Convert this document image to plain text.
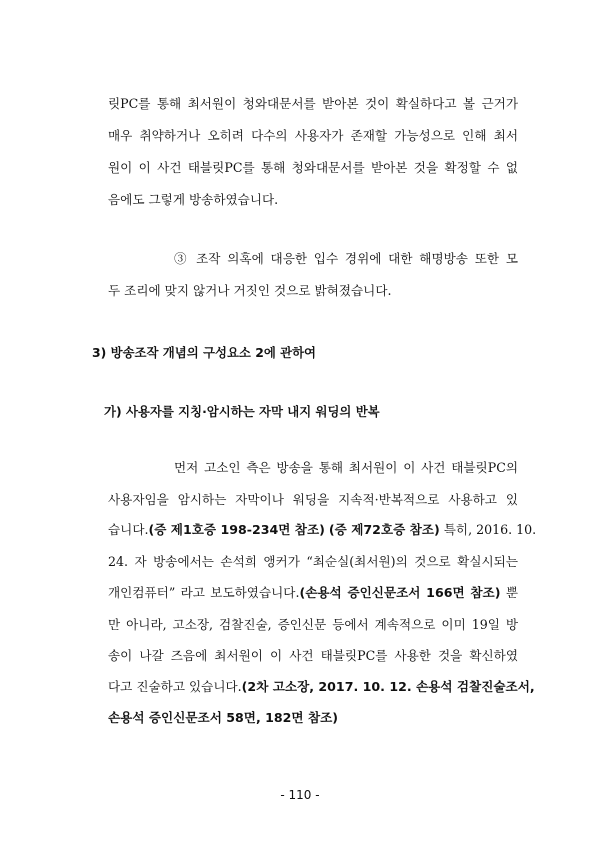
릿PC를 통해 최서원이 청와대문서를 받아본 것이 확실하다고 볼 근거가
매우 취약하거나 오히려 다수의 사용자가 존재할 가능성으로 인해 최서
원이 이 사건 태블릿PC를 통해 청와대문서를 받아본 것을 확정할 수 없
음에도 그렇게 방송하였습니다.
③ 조작 의혹에 대응한 입수 경위에 대한 해명방송 또한 모
두 조리에 맞지 않거나 거짓인 것으로 밝혀졌습니다.
3) 방송조작 개념의 구성요소 2에 관하여
가) 사용자를 지칭·암시하는 자막 내지 워딩의 반복
먼저 고소인 측은 방송을 통해 최서원이 이 사건 태블릿PC의
사용자임을 암시하는 자막이나 워딩을 지속적·반복적으로 사용하고 있
습니다.(증 제1호증 198-234면 참조) (증 제72호증 참조) 특히, 2016. 10.
24. 자 방송에서는 손석희 앵커가 “최순실(최서원)의 것으로 확실시되는
개인컴퓨터” 라고 보도하였습니다.(손용석 증인신문조서 166면 참조) 뿐
만 아니라, 고소장, 검찰진술, 증인신문 등에서 계속적으로 이미 19일 방
송이 나갈 즈음에 최서원이 이 사건 태블릿PC를 사용한 것을 확신하였
다고 진술하고 있습니다.(2차 고소장, 2017. 10. 12. 손용석 검찰진술조서,
손용석 증인신문조서 58면, 182면 참조)
- 110 -
